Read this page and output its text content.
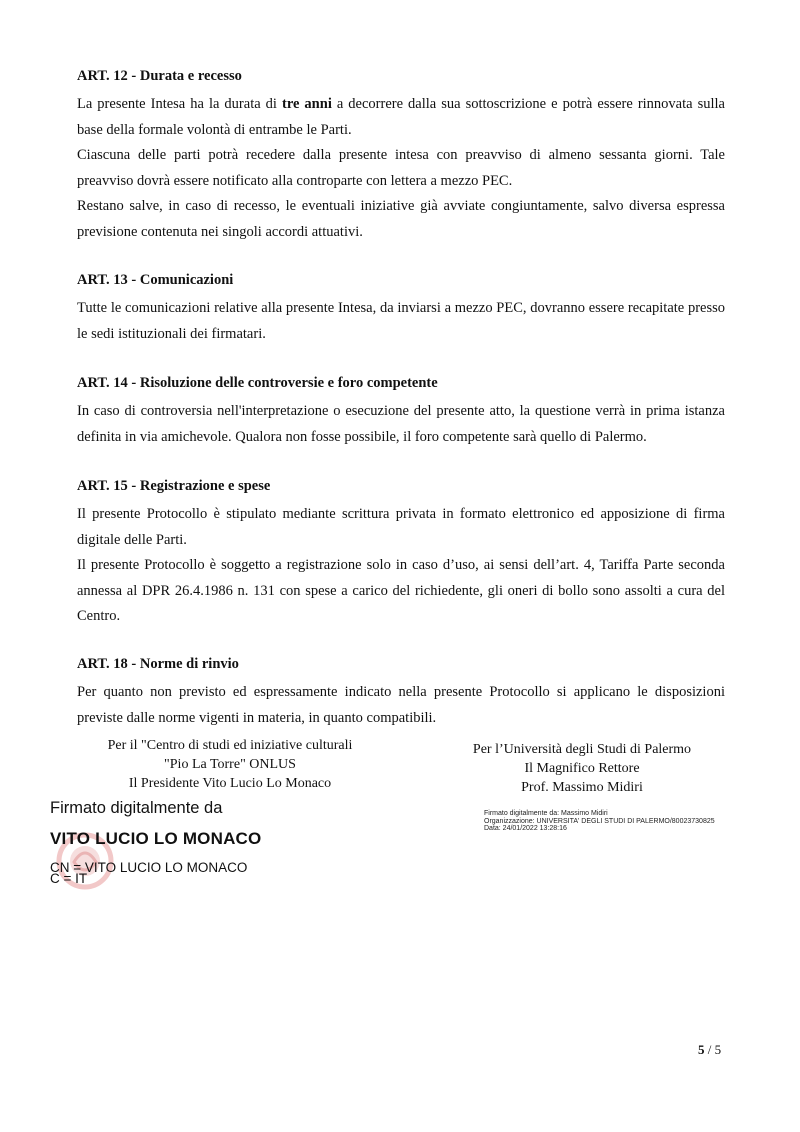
ART. 12 - Durata e recesso

La presente Intesa ha la durata di tre anni a decorrere dalla sua sottoscrizione e potrà essere rinnovata sulla base della formale volontà di entrambe le Parti.

Ciascuna delle parti potrà recedere dalla presente intesa con preavviso di almeno sessanta giorni. Tale preavviso dovrà essere notificato alla controparte con lettera a mezzo PEC.

Restano salve, in caso di recesso, le eventuali iniziative già avviate congiuntamente, salvo diversa espressa previsione contenuta nei singoli accordi attuativi.

ART. 13 - Comunicazioni

Tutte le comunicazioni relative alla presente Intesa, da inviarsi a mezzo PEC, dovranno essere recapitate presso le sedi istituzionali dei firmatari.

ART. 14 - Risoluzione delle controversie e foro competente

In caso di controversia nell'interpretazione o esecuzione del presente atto, la questione verrà in prima istanza definita in via amichevole. Qualora non fosse possibile, il foro competente sarà quello di Palermo.

ART. 15 - Registrazione e spese

Il presente Protocollo è stipulato mediante scrittura privata in formato elettronico ed apposizione di firma digitale delle Parti.

Il presente Protocollo è soggetto a registrazione solo in caso d’uso, ai sensi dell’art. 4, Tariffa Parte seconda annessa al DPR 26.4.1986 n. 131 con spese a carico del richiedente, gli oneri di bollo sono assolti a cura del Centro.

ART. 18 - Norme di rinvio

Per quanto non previsto ed espressamente indicato nella presente Protocollo si applicano le disposizioni previste dalle norme vigenti in materia, in quanto compatibili.

Per il "Centro di studi ed iniziative culturali
"Pio La Torre" ONLUS
Il Presidente Vito Lucio Lo Monaco
Per l’Università degli Studi di Palermo
Il Magnifico Rettore
Prof. Massimo Midiri

Firmato digitalmente da

VITO LUCIO LO MONACO

CN = VITO LUCIO LO MONACO

C = IT

Firmato digitalmente da: Massimo Midiri
Organizzazione: UNIVERSITA' DEGLI STUDI DI PALERMO/80023730825
Data: 24/01/2022 13:28:16
5 / 5
